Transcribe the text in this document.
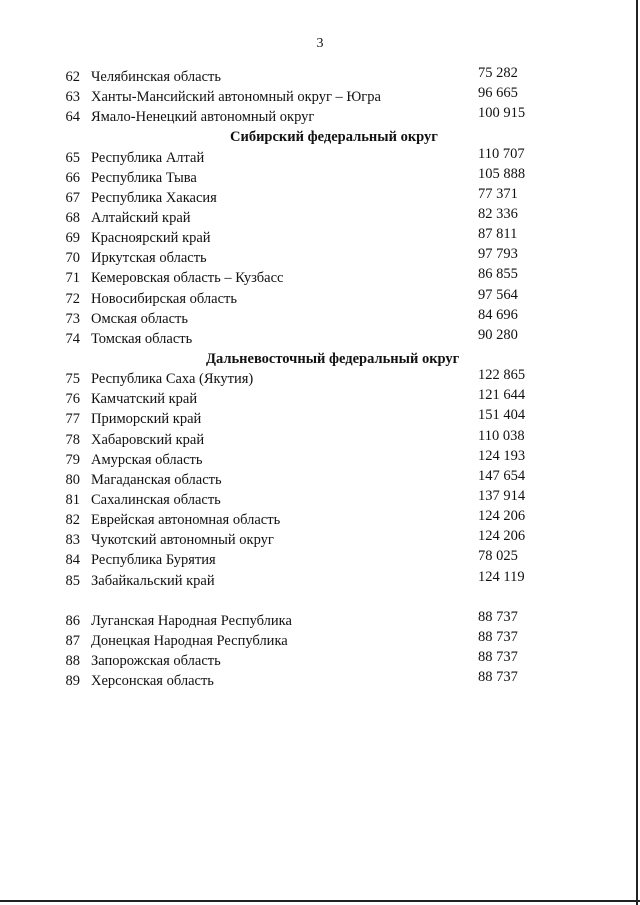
3
62 Челябинская область	75 282
63 Ханты-Мансийский автономный округ – Югра	96 665
64 Ямало-Ненецкий автономный округ	100 915
Сибирский федеральный округ
65 Республика Алтай	110 707
66 Республика Тыва	105 888
67 Республика Хакасия	77 371
68 Алтайский край	82 336
69 Красноярский край	87 811
70 Иркутская область	97 793
71 Кемеровская область – Кузбасс	86 855
72 Новосибирская область	97 564
73 Омская область	84 696
74 Томская область	90 280
Дальневосточный федеральный округ
75 Республика Саха (Якутия)	122 865
76 Камчатский край	121 644
77 Приморский край	151 404
78 Хабаровский край	110 038
79 Амурская область	124 193
80 Магаданская область	147 654
81 Сахалинская область	137 914
82 Еврейская автономная область	124 206
83 Чукотский автономный округ	124 206
84 Республика Бурятия	78 025
85 Забайкальский край	124 119
86 Луганская Народная Республика	88 737
87 Донецкая Народная Республика	88 737
88 Запорожская область	88 737
89 Херсонская область	88 737
